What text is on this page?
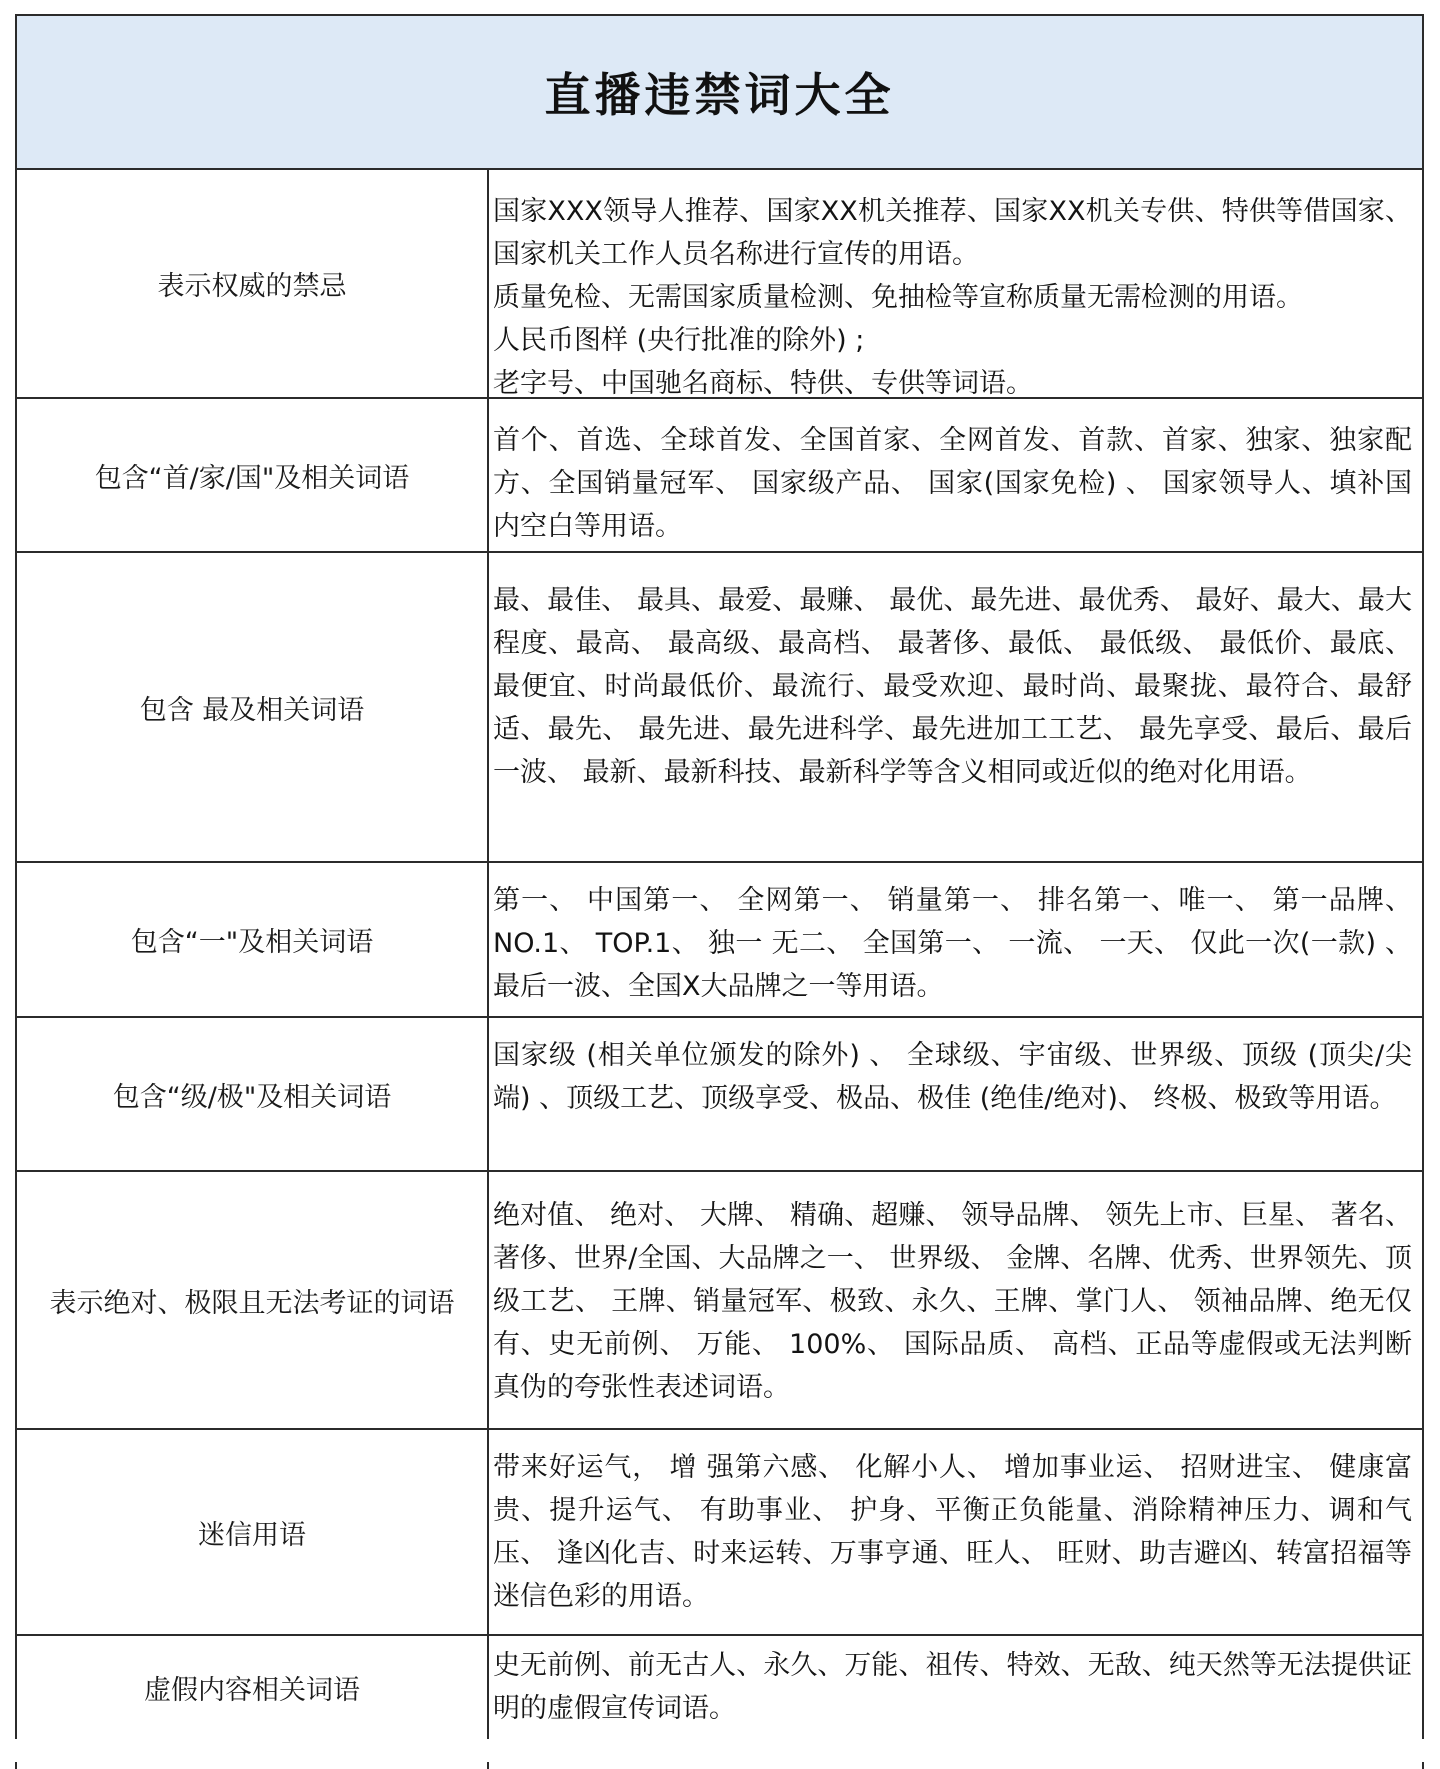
直播违禁词大全
表示权威的禁忌

国家XXX领导人推荐、国家XX机关推荐、国家XX机关专供、特供等借国家、国家机关工作人员名称进行宣传的用语。

质量免检、无需国家质量检测、免抽检等宣称质量无需检测的用语。

人民币图样 (央行批准的除外) ;

老字号、中国驰名商标、特供、专供等词语。

包含“首/家/国"及相关词语

首个、首选、全球首发、全国首家、全网首发、首款、首家、独家、独家配方、全国销量冠军、 国家级产品、 国家(国家免检) 、 国家领导人、填补国内空白等用语。

包含 最及相关词语

最、最佳、 最具、最爱、最赚、 最优、最先进、最优秀、 最好、最大、最大程度、最高、 最高级、最高档、 最著侈、最低、 最低级、 最低价、最底、最便宜、时尚最低价、最流行、最受欢迎、最时尚、最聚拢、最符合、最舒适、最先、 最先进、最先进科学、最先进加工工艺、 最先享受、最后、最后一波、 最新、最新科技、最新科学等含义相同或近似的绝对化用语。

包含“一"及相关词语

第一、 中国第一、 全网第一、 销量第一、 排名第一、唯一、 第一品牌、 NO.1、 TOP.1、 独一 无二、 全国第一、 一流、 一天、 仅此一次(一款) 、 最后一波、全国X大品牌之一等用语。

包含“级/极"及相关词语

国家级 (相关单位颁发的除外) 、 全球级、宇宙级、世界级、顶级 (顶尖/尖端) 、顶级工艺、顶级享受、极品、极佳 (绝佳/绝对)、 终极、极致等用语。

表示绝对、极限且无法考证的词语

绝对值、 绝对、 大牌、 精确、超赚、 领导品牌、 领先上市、巨星、 著名、 著侈、世界/全国、大品牌之一、 世界级、 金牌、名牌、优秀、世界领先、顶级工艺、 王牌、销量冠军、极致、永久、王牌、掌门人、 领袖品牌、绝无仅有、史无前例、 万能、 100%、 国际品质、 高档、正品等虚假或无法判断真伪的夸张性表述词语。

迷信用语

带来好运气， 增 强第六感、 化解小人、 增加事业运、 招财进宝、 健康富贵、提升运气、 有助事业、 护身、平衡正负能量、消除精神压力、调和气压、 逢凶化吉、时来运转、万事亨通、旺人、 旺财、助吉避凶、转富招福等迷信色彩的用语。

虚假内容相关词语

史无前例、前无古人、永久、万能、祖传、特效、无敌、纯天然等无法提供证明的虚假宣传词语。
